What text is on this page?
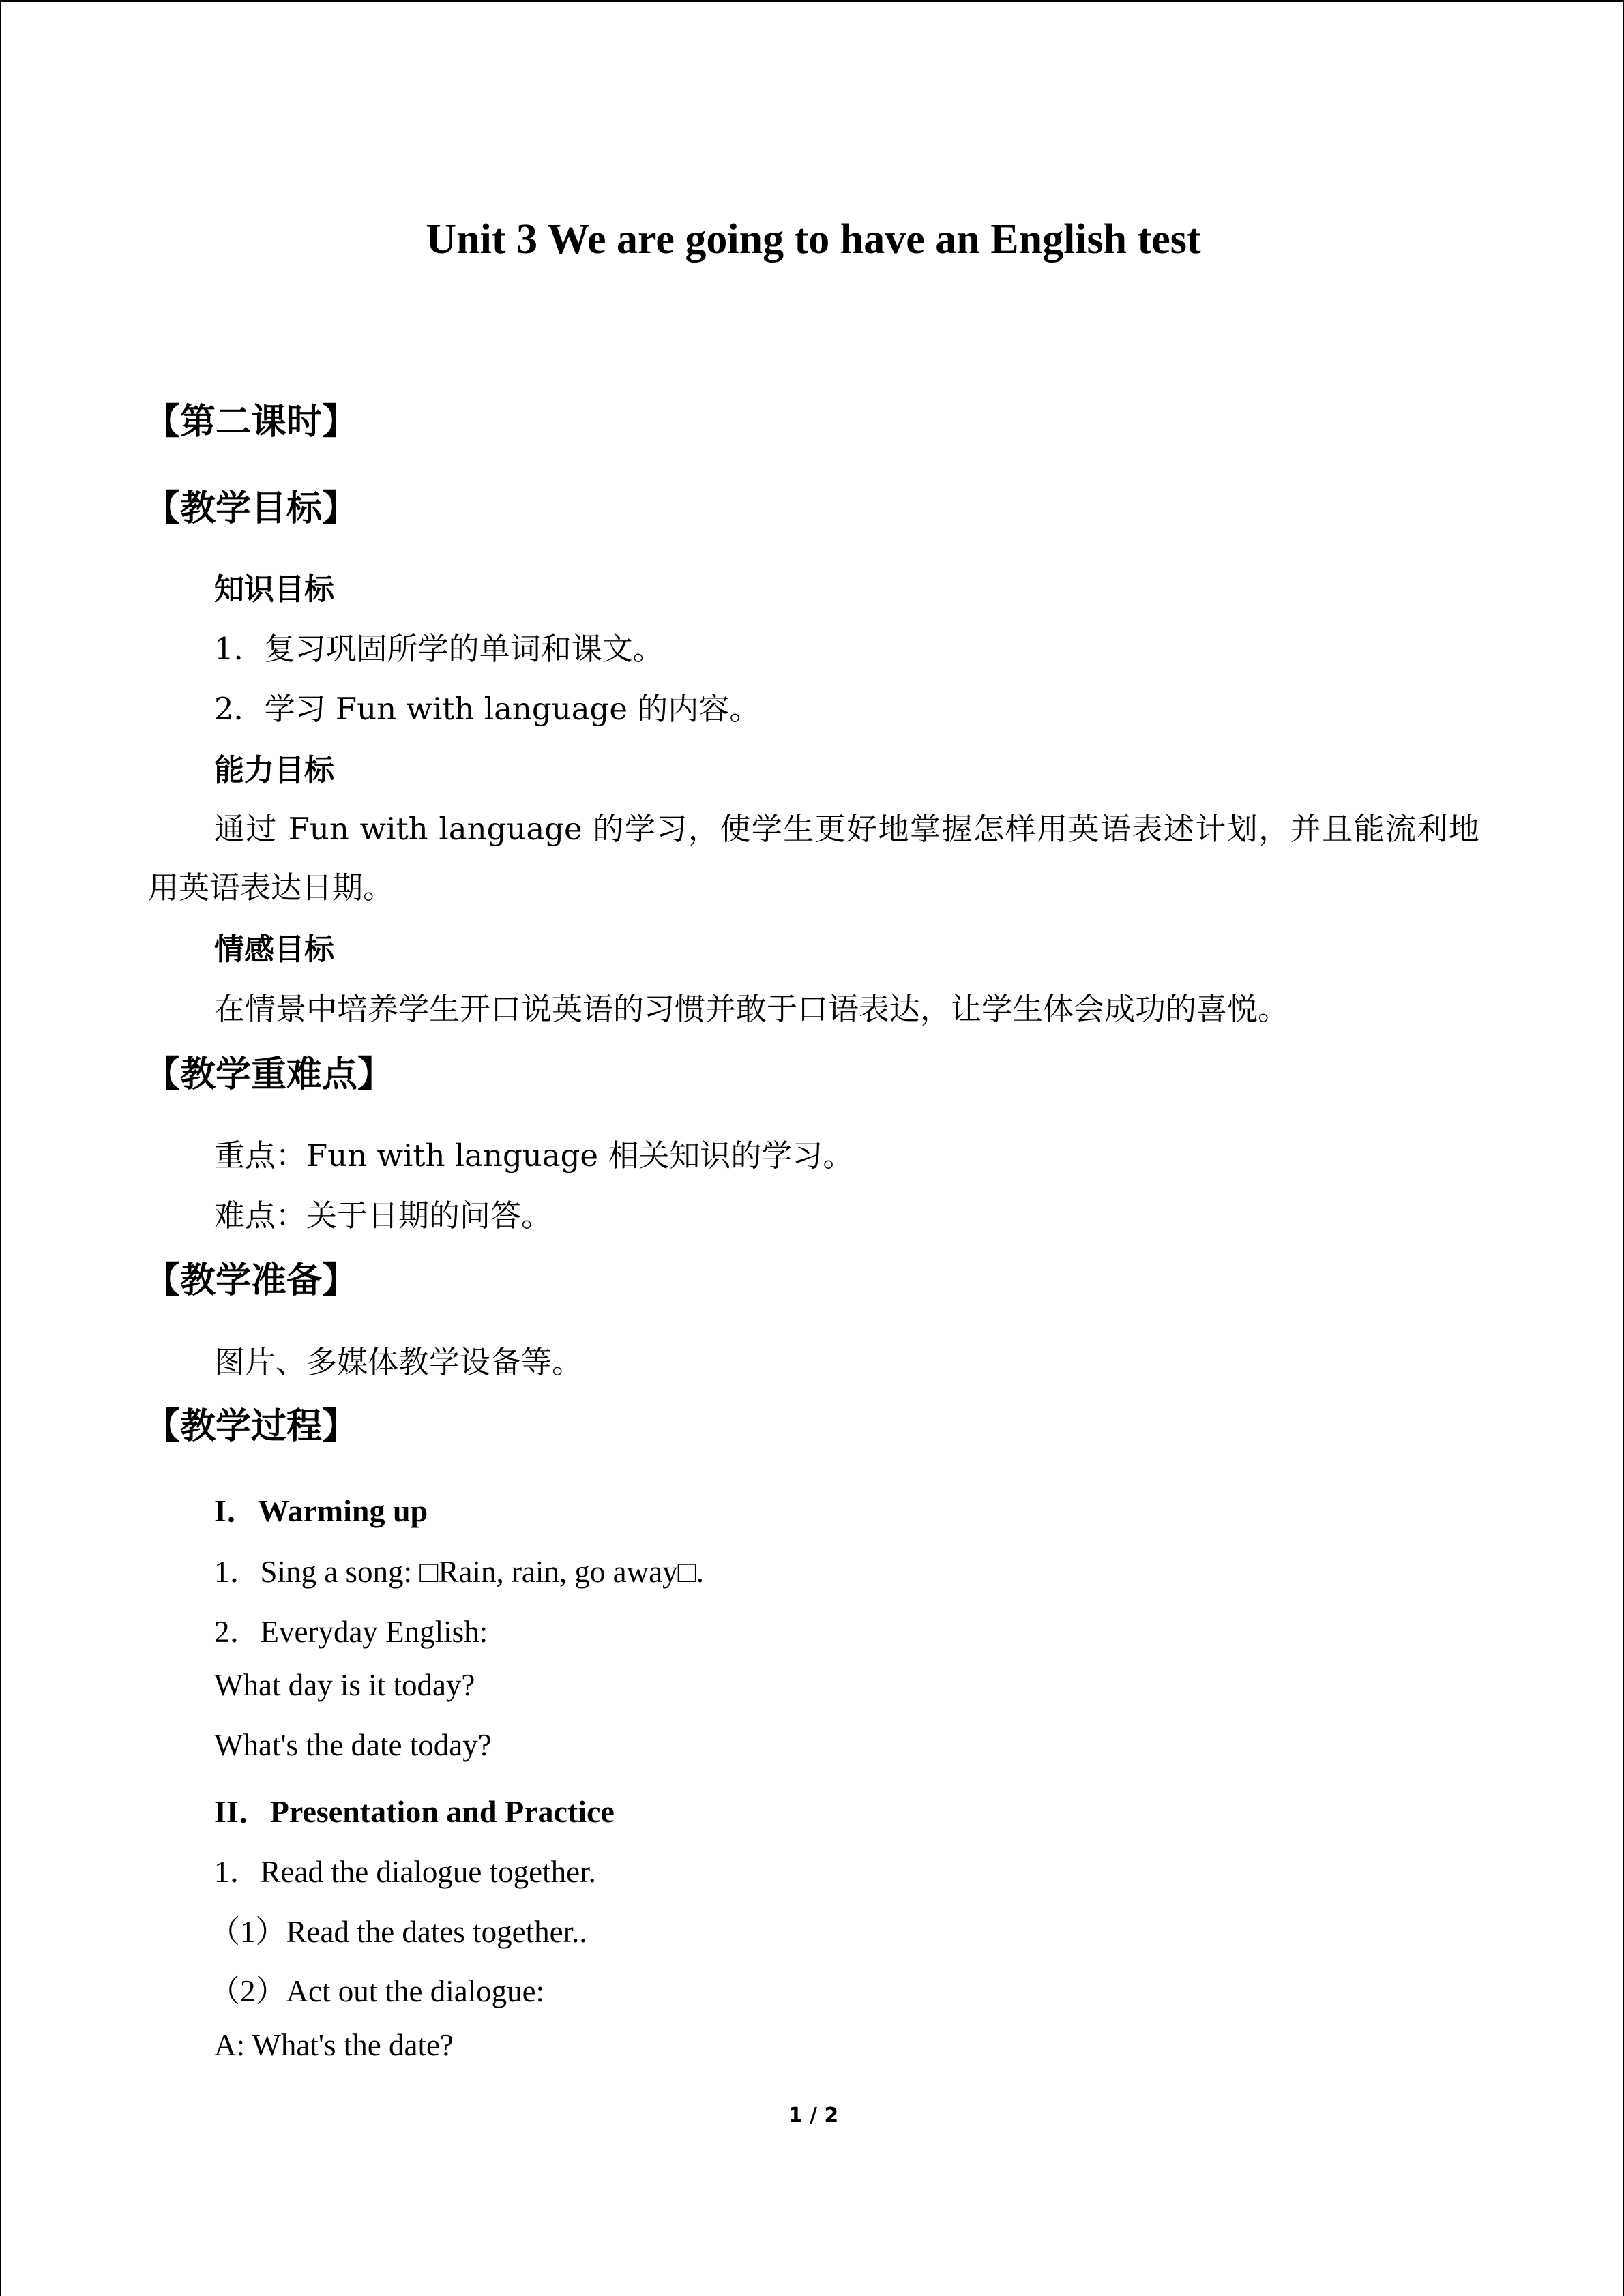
Unit 3 We are going to have an English test
【第二课时】
【教学目标】
知识目标
1．复习巩固所学的单词和课文。
2．学习 Fun with language 的内容。
能力目标
通过 Fun with language 的学习，使学生更好地掌握怎样用英语表述计划，并且能流利地
用英语表达日期。
情感目标
在情景中培养学生开口说英语的习惯并敢于口语表达，让学生体会成功的喜悦。
【教学重难点】
重点：Fun with language 相关知识的学习。
难点：关于日期的问答。
【教学准备】
图片、多媒体教学设备等。
【教学过程】
I．Warming up
1．Sing a song: □Rain, rain, go away□.
2．Everyday English:
What day is it today?
What's the date today?
II．Presentation and Practice
1．Read the dialogue together.
（1）Read the dates together..
（2）Act out the dialogue:
A: What's the date?
1 / 2
